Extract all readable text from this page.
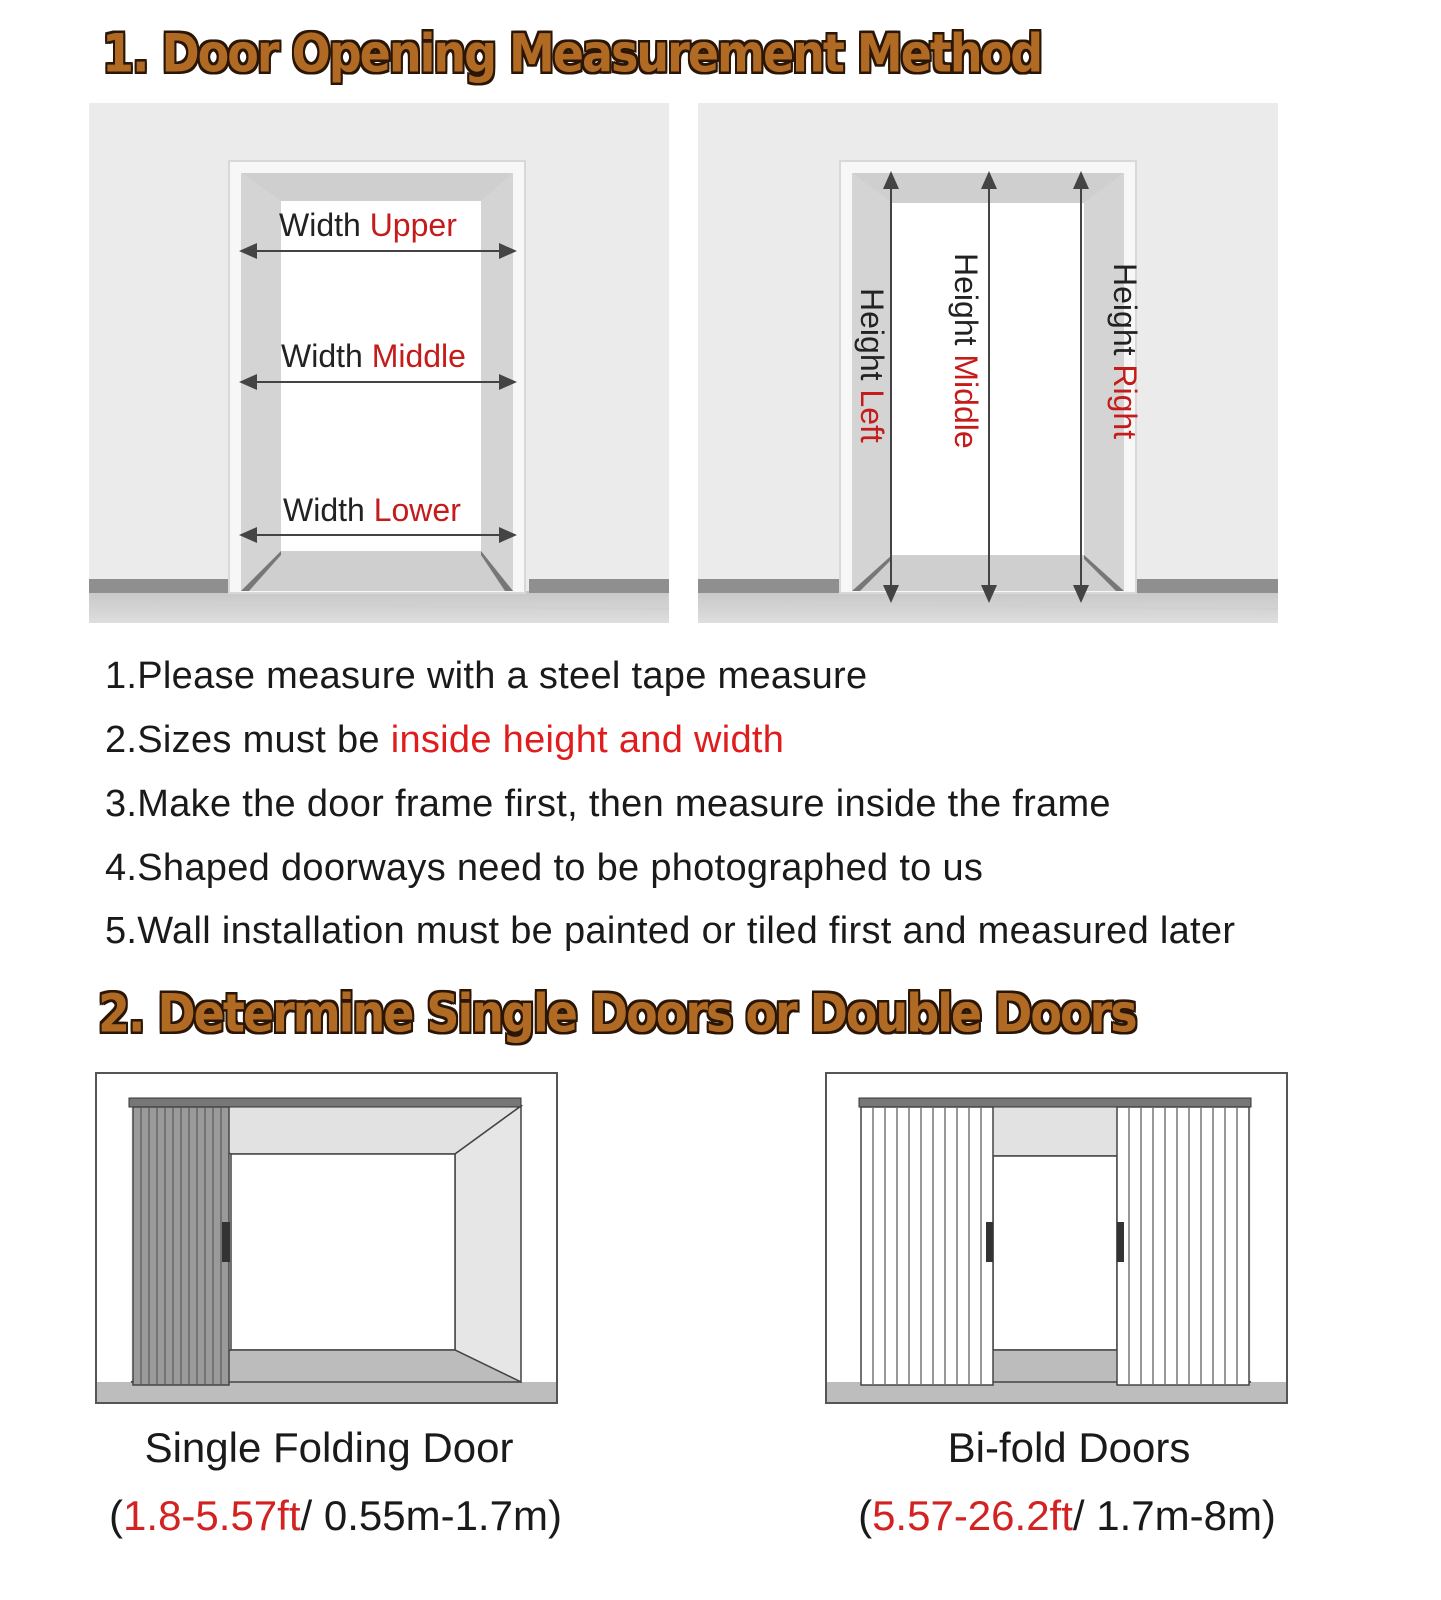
1. Door Opening Measurement Method
Width Upper
Width Middle
Width Lower
Height Left
Height Middle
Height Right
1.Please measure with a steel tape measure
2.Sizes must be inside height and width
3.Make the door frame first, then measure inside the frame
4.Shaped doorways need to be photographed to us
5.Wall installation must be painted or tiled first and measured later
2. Determine Single Doors or Double Doors
Single Folding Door
(1.8-5.57ft/ 0.55m-1.7m)
Bi-fold Doors
(5.57-26.2ft/ 1.7m-8m)
